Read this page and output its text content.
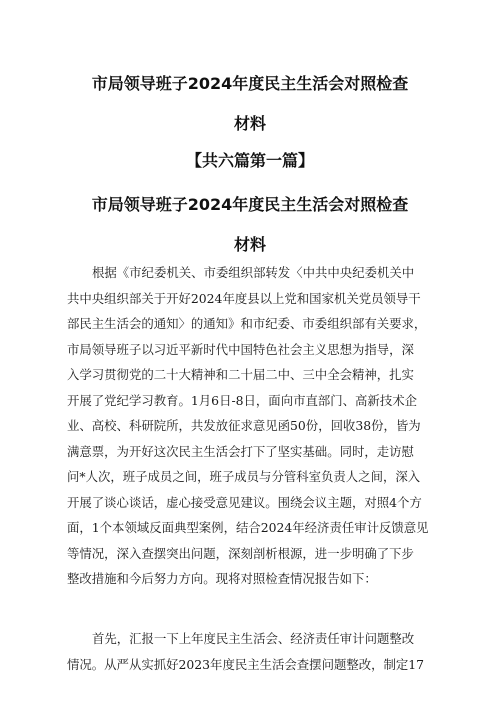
市局领导班子2024年度民主生活会对照检查
材料
【共六篇第一篇】
市局领导班子2024年度民主生活会对照检查
材料
根据《市纪委机关、市委组织部转发〈中共中央纪委机关中
共中央组织部关于开好2024年度县以上党和国家机关党员领导干
部民主生活会的通知〉的通知》和市纪委、市委组织部有关要求，
市局领导班子以习近平新时代中国特色社会主义思想为指导，深
入学习贯彻党的二十大精神和二十届二中、三中全会精神，扎实
开展了党纪学习教育。1月6日-8日，面向市直部门、高新技术企
业、高校、科研院所，共发放征求意见函50份，回收38份，皆为
满意票，为开好这次民主生活会打下了坚实基础。同时，走访慰
问*人次，班子成员之间，班子成员与分管科室负责人之间，深入
开展了谈心谈话，虚心接受意见建议。围绕会议主题，对照4个方
面，1个本领域反面典型案例，结合2024年经济责任审计反馈意见
等情况，深入查摆突出问题，深刻剖析根源，进一步明确了下步
整改措施和今后努力方向。现将对照检查情况报告如下：
首先，汇报一下上年度民主生活会、经济责任审计问题整改
情况。从严从实抓好2023年度民主生活会查摆问题整改，制定17
